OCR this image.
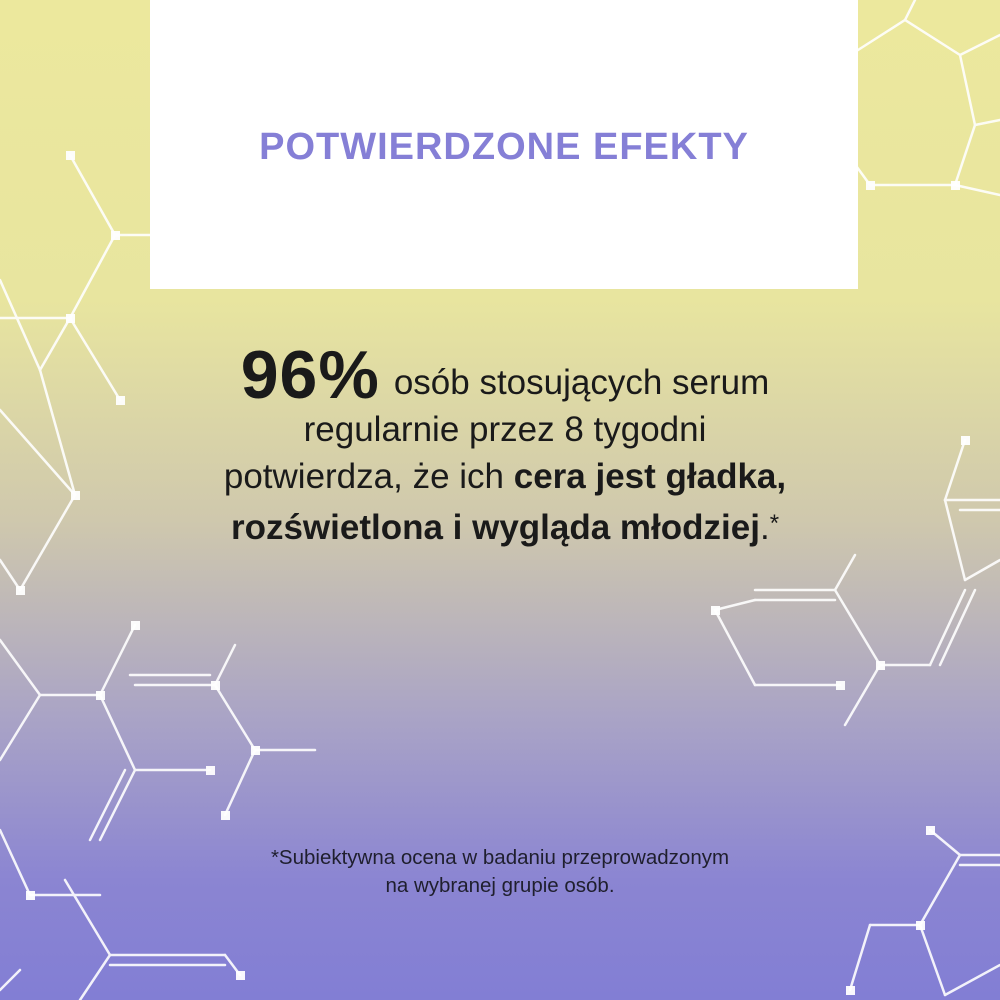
POTWIERDZONE EFEKTY

96% osób stosujących serum
regularnie przez 8 tygodni
potwierdza, że ich cera jest gładka,
rozświetlona i wygląda młodziej.*

*Subiektywna ocena w badaniu przeprowadzonym
na wybranej grupie osób.
